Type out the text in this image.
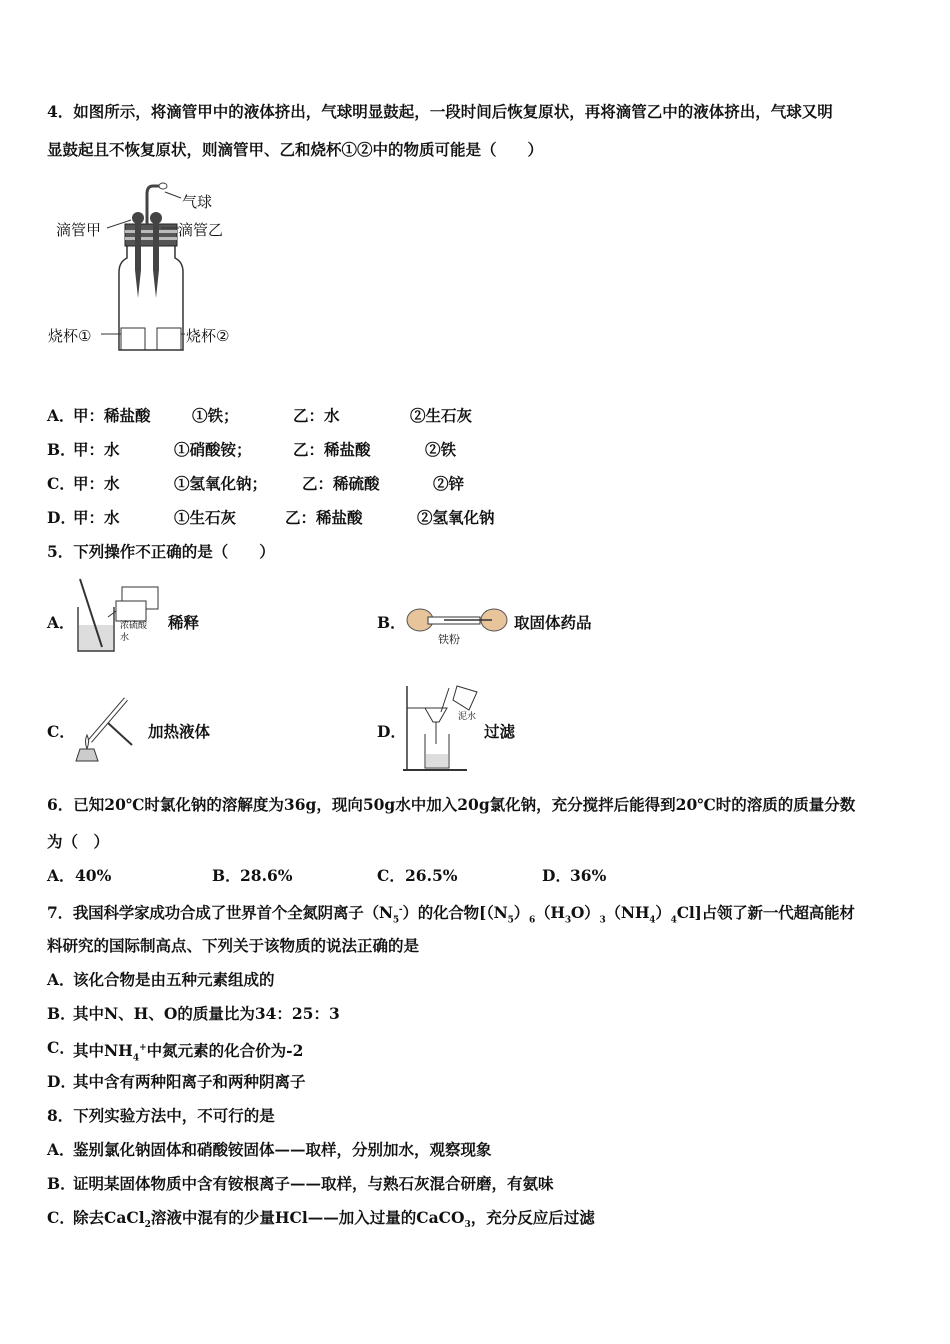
4．如图所示，将滴管甲中的液体挤出，气球明显鼓起，一段时间后恢复原状，再将滴管乙中的液体挤出，气球又明
显鼓起且不恢复原状，则滴管甲、乙和烧杯①②中的物质可能是（　　）
气球
滴管甲	滴管乙
烧杯①	烧杯②
A．
甲：稀盐酸	①铁；	乙：水	②生石灰
B．
甲：水	①硝酸铵；	乙：稀盐酸	②铁
C．
甲：水	①氢氧化钠； 乙：稀硫酸	②锌
D．
甲：水	①生石灰	乙：稀盐酸	②氢氧化钠
5．下列操作不正确的是（　　）
A．	浓硫酸
水
稀释	B．
铁粉
取固体药品
C．	加热液体	D．
泥水
过滤
6．已知20℃时氯化钠的溶解度为36g，现向50g水中加入20g氯化钠，充分搅拌后能得到20℃时的溶质的质量分数
为（　）
A． 40%	B． 28.6%	C． 26.5%	D． 36%
7．我国科学家成功合成了世界首个全氮阴离子$(N_5^-)$的化合物$[(N_5)_6(H_3O)_3(NH_4)_4Cl]$占领了新一代超高能材
料研究的国际制高点、下列关于该物质的说法正确的是
A．
该化合物是由五种元素组成的
B．
其中N、H、O的质量比为34：25：3
C．
其中$NH_4^+$中氮元素的化合价为-2
D．
其中含有两种阳离子和两种阴离子
8．下列实验方法中，不可行的是
A．
鉴别氯化钠固体和硝酸铵固体——取样，分别加水，观察现象
B．
证明某固体物质中含有铵根离子——取样，与熟石灰混合研磨，有氨味
C．
除去CaCl$_2$溶液中混有的少量HCl——加入过量的CaCO$_3$，充分反应后过滤
